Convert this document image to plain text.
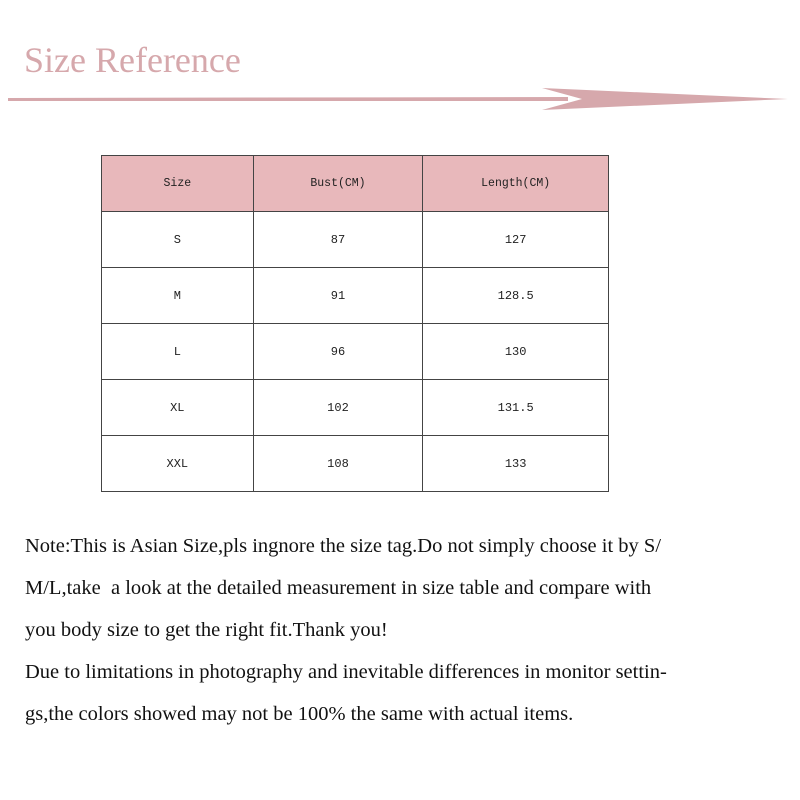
Size Reference
Size	Bust(CM)	Length(CM)
S	87	127
M	91	128.5
L	96	130
XL	102	131.5
XXL	108	133

Note:This is Asian Size,pls ingnore the size tag.Do not simply choose it by S/

M/L,take  a look at the detailed measurement in size table and compare with

you body size to get the right fit.Thank you!

Due to limitations in photography and inevitable differences in monitor settin-

gs,the colors showed may not be 100% the same with actual items.
